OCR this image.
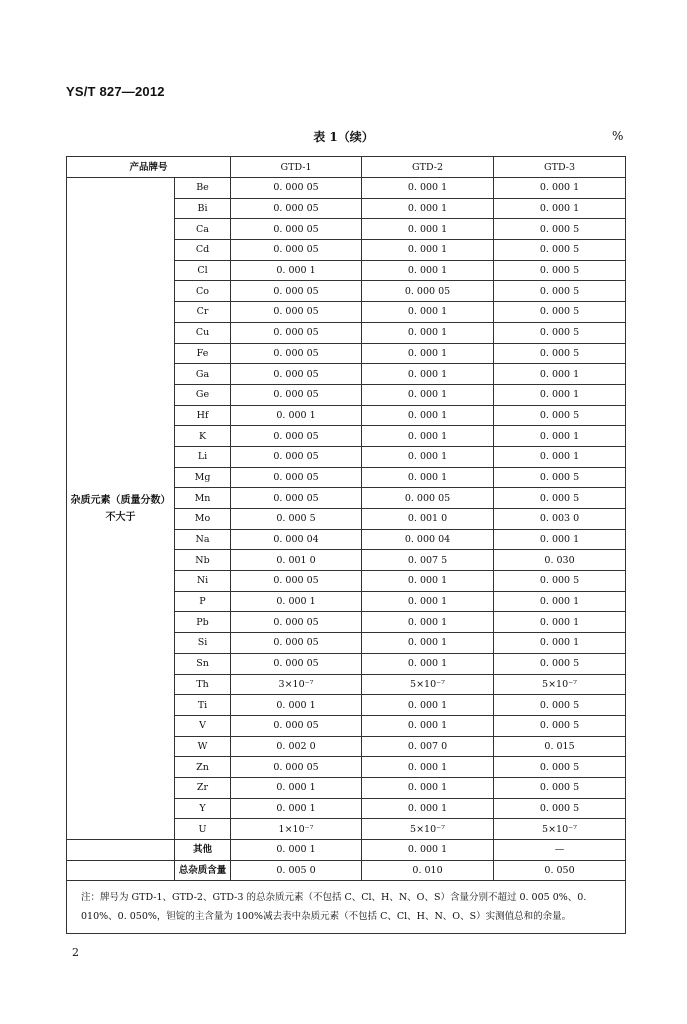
YS/T 827—2012
表 1（续）	%
产品牌号		GTD-1	GTD-2	GTD-3

杂质元素（质量分数）
不大于	Be	0. 000 05	0. 000 1	0. 000 1
	Bi	0. 000 05	0. 000 1	0. 000 1
	Ca	0. 000 05	0. 000 1	0. 000 5
	Cd	0. 000 05	0. 000 1	0. 000 5
	Cl	0. 000 1	0. 000 1	0. 000 5
	Co	0. 000 05	0. 000 05	0. 000 5
	Cr	0. 000 05	0. 000 1	0. 000 5
	Cu	0. 000 05	0. 000 1	0. 000 5
	Fe	0. 000 05	0. 000 1	0. 000 5
	Ga	0. 000 05	0. 000 1	0. 000 1
	Ge	0. 000 05	0. 000 1	0. 000 1
	Hf	0. 000 1	0. 000 1	0. 000 5
	K	0. 000 05	0. 000 1	0. 000 1
	Li	0. 000 05	0. 000 1	0. 000 1
	Mg	0. 000 05	0. 000 1	0. 000 5
	Mn	0. 000 05	0. 000 05	0. 000 5
	Mo	0. 000 5	0. 001 0	0. 003 0
	Na	0. 000 04	0. 000 04	0. 000 1
	Nb	0. 001 0	0. 007 5	0. 030
	Ni	0. 000 05	0. 000 1	0. 000 5
	P	0. 000 1	0. 000 1	0. 000 1
	Pb	0. 000 05	0. 000 1	0. 000 1
	Si	0. 000 05	0. 000 1	0. 000 1
	Sn	0. 000 05	0. 000 1	0. 000 5
	Th	3×10⁻⁷	5×10⁻⁷	5×10⁻⁷
	Ti	0. 000 1	0. 000 1	0. 000 5
	V	0. 000 05	0. 000 1	0. 000 5
	W	0. 002 0	0. 007 0	0. 015
	Zn	0. 000 05	0. 000 1	0. 000 5
	Zr	0. 000 1	0. 000 1	0. 000 5
	Y	0. 000 1	0. 000 1	0. 000 5
	U	1×10⁻⁷	5×10⁻⁷	5×10⁻⁷
	其他	0. 000 1	0. 000 1	—
	总杂质含量	0. 005 0	0. 010	0. 050
注：牌号为 GTD-1、GTD-2、GTD-3 的总杂质元素（不包括 C、Cl、H、N、O、S）含量分别不超过 0. 005 0%、0. 010%、0. 050%，钽锭的主含量为 100%减去表中杂质元素（不包括 C、Cl、H、N、O、S）实测值总和的余量。				
2
